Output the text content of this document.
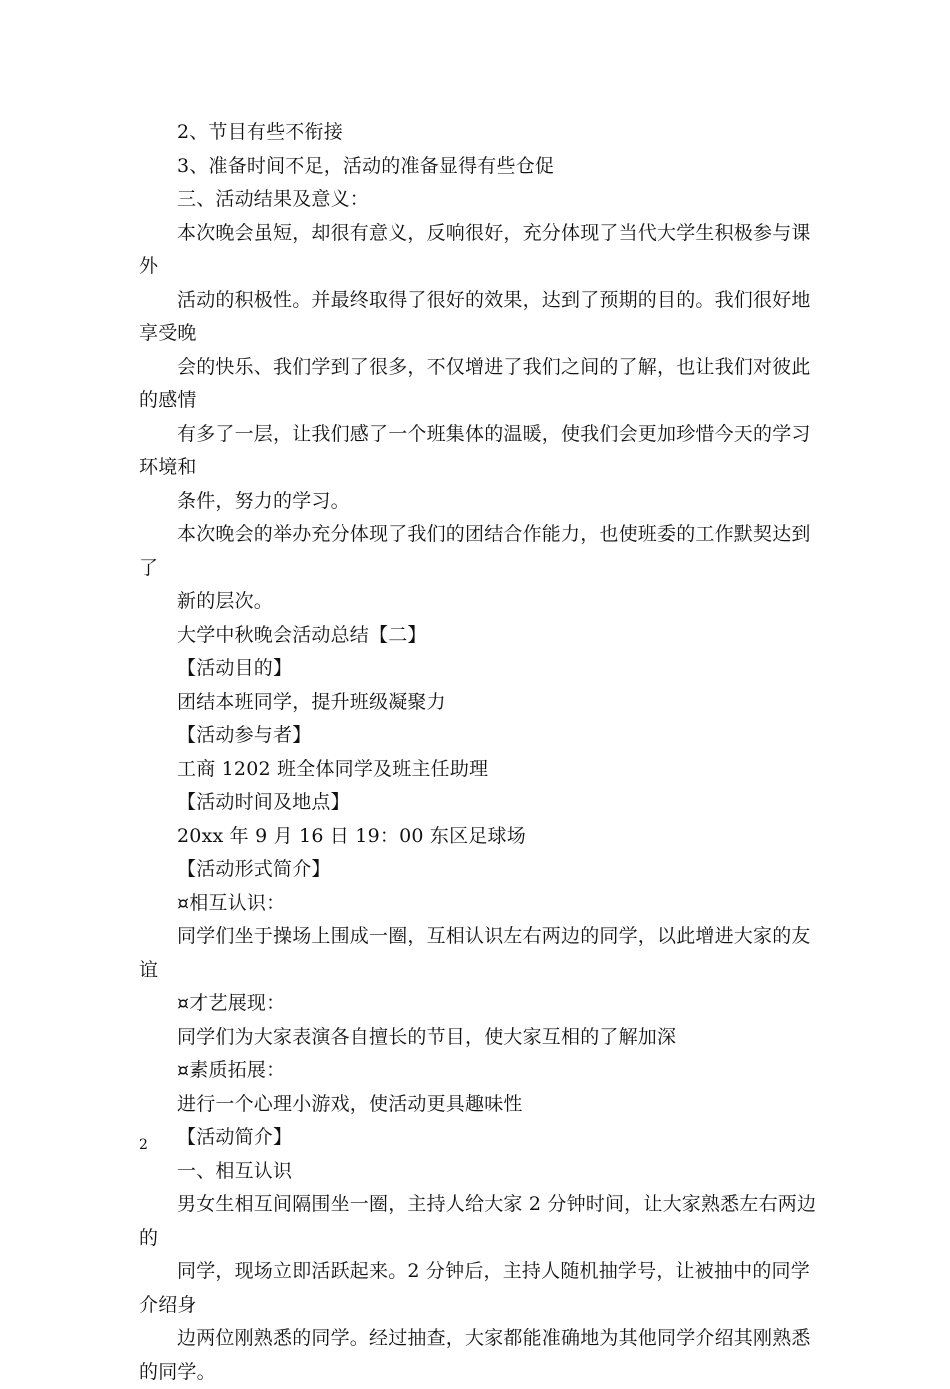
2、节目有些不衔接

3、准备时间不足，活动的准备显得有些仓促

三、活动结果及意义：

本次晚会虽短，却很有意义，反响很好，充分体现了当代大学生积极参与课外
活动的积极性。并最终取得了很好的效果，达到了预期的目的。我们很好地享受晚
会的快乐、我们学到了很多，不仅增进了我们之间的了解，也让我们对彼此的感情
有多了一层，让我们感了一个班集体的温暖，使我们会更加珍惜今天的学习环境和
条件，努力的学习。

本次晚会的举办充分体现了我们的团结合作能力，也使班委的工作默契达到了
新的层次。

大学中秋晚会活动总结【二】

【活动目的】

团结本班同学，提升班级凝聚力

【活动参与者】

工商 1202 班全体同学及班主任助理

【活动时间及地点】

20xx 年 9 月 16 日 19：00 东区足球场

【活动形式简介】

¤相互认识：

同学们坐于操场上围成一圈，互相认识左右两边的同学，以此增进大家的友谊

¤才艺展现：

同学们为大家表演各自擅长的节目，使大家互相的了解加深

¤素质拓展：

进行一个心理小游戏，使活动更具趣味性

【活动简介】

一、相互认识

男女生相互间隔围坐一圈，主持人给大家 2 分钟时间，让大家熟悉左右两边的
同学，现场立即活跃起来。2 分钟后，主持人随机抽学号，让被抽中的同学介绍身
边两位刚熟悉的同学。经过抽查，大家都能准确地为其他同学介绍其刚熟悉的同学。

2
